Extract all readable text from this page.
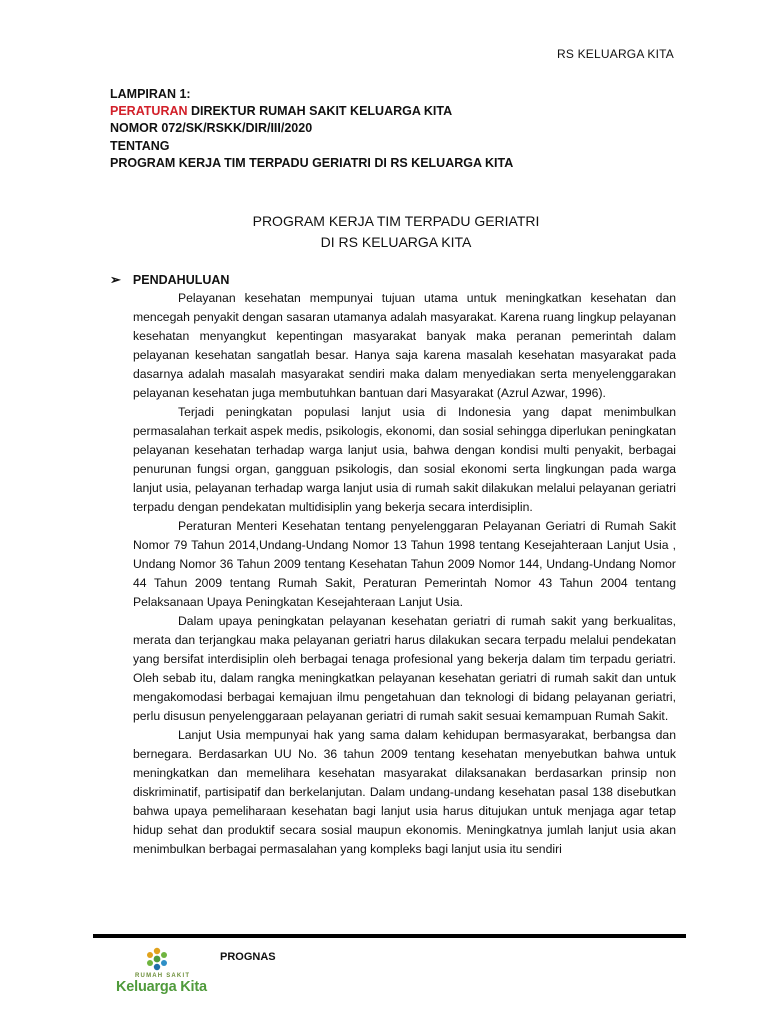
RS KELUARGA KITA
LAMPIRAN 1:
PERATURAN DIREKTUR RUMAH SAKIT KELUARGA KITA
NOMOR 072/SK/RSKK/DIR/III/2020
TENTANG
PROGRAM KERJA TIM TERPADU GERIATRI DI RS KELUARGA KITA
PROGRAM KERJA TIM TERPADU GERIATRI
DI RS KELUARGA KITA
➢ PENDAHULUAN

Pelayanan kesehatan mempunyai tujuan utama untuk meningkatkan kesehatan dan mencegah penyakit dengan sasaran utamanya adalah masyarakat. Karena ruang lingkup pelayanan kesehatan menyangkut kepentingan masyarakat banyak maka peranan pemerintah dalam pelayanan kesehatan sangatlah besar. Hanya saja karena masalah kesehatan masyarakat pada dasarnya adalah masalah masyarakat sendiri maka dalam menyediakan serta menyelenggarakan pelayanan kesehatan juga membutuhkan bantuan dari Masyarakat (Azrul Azwar, 1996).

Terjadi peningkatan populasi lanjut usia di Indonesia yang dapat menimbulkan permasalahan terkait aspek medis, psikologis, ekonomi, dan sosial sehingga diperlukan peningkatan pelayanan kesehatan terhadap warga lanjut usia, bahwa dengan kondisi multi penyakit, berbagai penurunan fungsi organ, gangguan psikologis, dan sosial ekonomi serta lingkungan pada warga lanjut usia, pelayanan terhadap warga lanjut usia di rumah sakit dilakukan melalui pelayanan geriatri terpadu dengan pendekatan multidisiplin yang bekerja secara interdisiplin.

Peraturan Menteri Kesehatan tentang penyelenggaran Pelayanan Geriatri di Rumah Sakit Nomor 79 Tahun 2014,Undang-Undang Nomor 13 Tahun 1998 tentang Kesejahteraan Lanjut Usia , Undang Nomor 36 Tahun 2009 tentang Kesehatan Tahun 2009 Nomor 144, Undang-Undang Nomor 44 Tahun 2009 tentang Rumah Sakit, Peraturan Pemerintah Nomor 43 Tahun 2004 tentang Pelaksanaan Upaya Peningkatan Kesejahteraan Lanjut Usia.

Dalam upaya peningkatan pelayanan kesehatan geriatri di rumah sakit yang berkualitas, merata dan terjangkau maka pelayanan geriatri harus dilakukan secara terpadu melalui pendekatan yang bersifat interdisiplin oleh berbagai tenaga profesional yang bekerja dalam tim terpadu geriatri. Oleh sebab itu, dalam rangka meningkatkan pelayanan kesehatan geriatri di rumah sakit dan untuk mengakomodasi berbagai kemajuan ilmu pengetahuan dan teknologi di bidang pelayanan geriatri, perlu disusun penyelenggaraan pelayanan geriatri di rumah sakit sesuai kemampuan Rumah Sakit.

Lanjut Usia mempunyai hak yang sama dalam kehidupan bermasyarakat, berbangsa dan bernegara. Berdasarkan UU No. 36 tahun 2009 tentang kesehatan menyebutkan bahwa untuk meningkatkan dan memelihara kesehatan masyarakat dilaksanakan berdasarkan prinsip non diskriminatif, partisipatif dan berkelanjutan. Dalam undang-undang kesehatan pasal 138 disebutkan bahwa upaya pemeliharaan kesehatan bagi lanjut usia harus ditujukan untuk menjaga agar tetap hidup sehat dan produktif secara sosial maupun ekonomis. Meningkatnya jumlah lanjut usia akan menimbulkan berbagai permasalahan yang kompleks bagi lanjut usia itu sendiri

RUMAH SAKIT
Keluarga Kita
PROGNAS
